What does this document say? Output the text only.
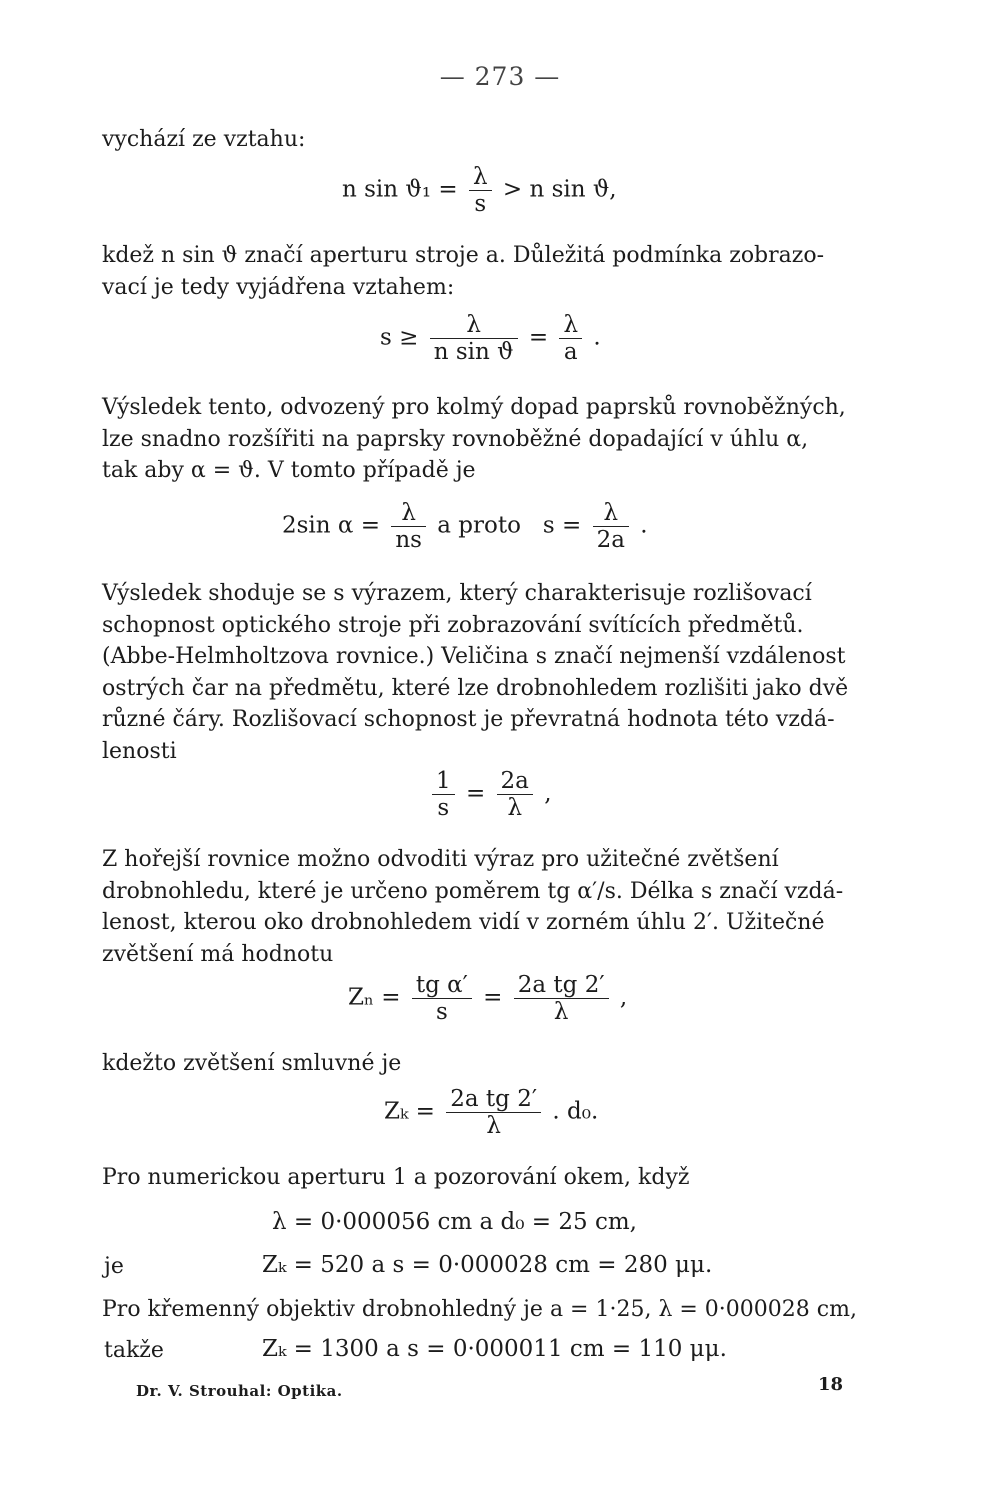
— 273 —
vychází ze vztahu:
n $\sin ϑ_1 = \frac{\lambda}{s} > n$ sin ϑ,
kdež n sin ϑ značí aperturu stroje a. Důležitá podmínka zobrazo-
vací je tedy vyjádřena vztahem:
$s \ge \frac{\lambda}{\text{n sin ϑ}} = \frac{\lambda}{a}$ .
Výsledek tento, odvozený pro kolmý dopad paprsků rovnoběžných,
lze snadno rozšířiti na paprsky rovnoběžné dopadající v úhlu α,
tak aby α = ϑ. V tomto případě je
2sin $\alpha = \frac{\lambda}{ns}$ a proto   $s = \frac{\lambda}{2a}$ .
Výsledek shoduje se s výrazem, který charakterisuje rozlišovací
schopnost optického stroje při zobrazování svítících předmětů.
(Abbe-Helmholtzova rovnice.) Veličina s značí nejmenší vzdálenost
ostrých čar na předmětu, které lze drobnohledem rozlišiti jako dvě
různé čáry. Rozlišovací schopnost je převratná hodnota této vzdá-
lenosti
$\frac{1}{s} = \frac{2a}{\lambda}$ ,
Z hořejší rovnice možno odvoditi výraz pro užitečné zvětšení
drobnohledu, které je určeno poměrem tg α′/s. Délka s značí vzdá-
lenost, kterou oko drobnohledem vidí v zorném úhlu 2′. Užitečné
zvětšení má hodnotu
$Z_n = \frac{\text{tg α′}}{s} = \frac{\text{2a tg 2′}}{\lambda}$ ,
kdežto zvětšení smluvné je
$Z_k = \frac{\text{2a tg 2′}}{\lambda}$ . d₀.
Pro numerickou aperturu 1 a pozorování okem, když
λ = 0·000056 cm a d₀ = 25 cm,
je	Zₖ = 520 a s = 0·000028 cm = 280 μμ.
Pro křemenný objektiv drobnohledný je a = 1·25, λ = 0·000028 cm,
takže	Zₖ = 1300 a s = 0·000011 cm = 110 μμ.
Dr. V. Strouhal: Optika.	18
